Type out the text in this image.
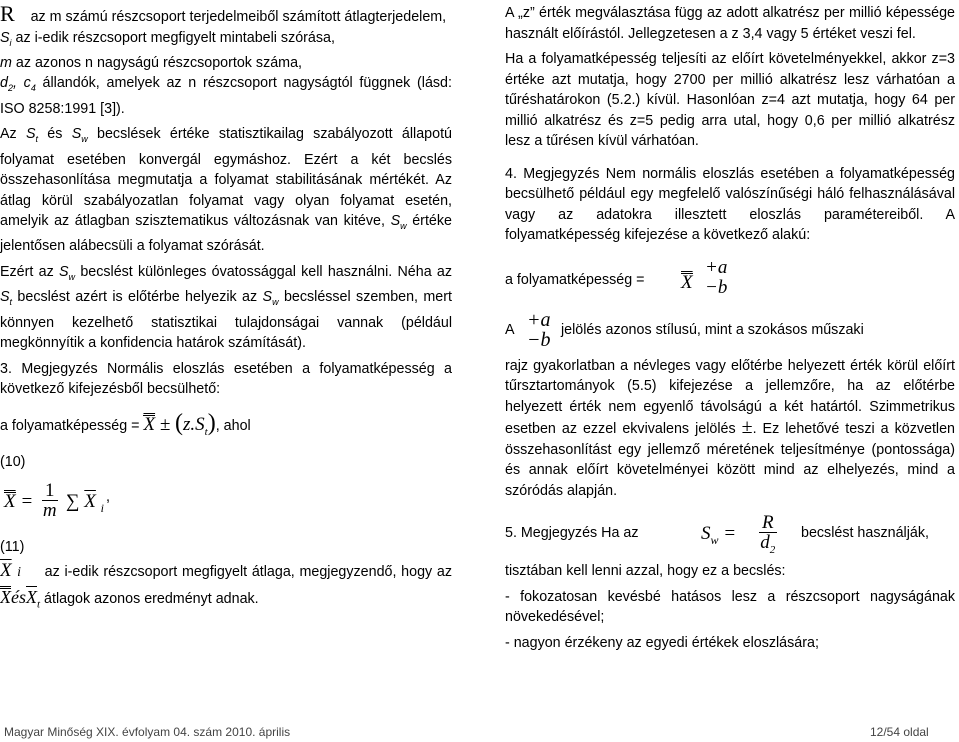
R az m számú részcsoport terjedelmeiből számított átlagterjedelem,

$S_i$ az i-edik részcsoport megfigyelt mintabeli szórása,

m az azonos n nagyságú részcsoportok száma,

$d_2$, $c_4$ állandók, amelyek az n részcsoport nagyságtól függnek (lásd: ISO 8258:1991 [3]).

Az $S_t$ és $S_w$ becslések értéke statisztikailag szabályozott állapotú folyamat esetében konvergál egymáshoz. Ezért a két becslés összehasonlítása megmutatja a folyamat stabilitásának mértékét. Az átlag körül szabályozatlan folyamat vagy olyan folyamat esetén, amelyik az átlagban szisztematikus változásnak van kitéve, $S_w$ értéke jelentősen alábecsüli a folyamat szórását.

Ezért az $S_w$ becslést különleges óvatossággal kell használni. Néha az $S_t$ becslést azért is előtérbe helyezik az $S_w$ becsléssel szemben, mert könnyen kezelhető statisztikai tulajdonságai vannak (például megkönnyítik a konfidencia határok számítását).

3. Megjegyzés Normális eloszlás esetében a folyamatképesség a következő kifejezésből becsülhető:

a folyamatképesség = $\overline{X} \pm (z.S_t)$, ahol

(10)

$\overline{X} = \frac{1}{m}$ ∑ $\overline{X}$ $_i$
,

(11)

$\overline{X}$ i az i-edik részcsoport megfigyelt átlaga, megjegyzendő, hogy az $\overline{X}és\overline{X}_t$ átlagok azonos eredményt adnak.

A „z” érték megválasztása függ az adott alkatrész per millió képessége használt előírástól. Jellegzetesen a z 3,4 vagy 5 értéket veszi fel.

Ha a folyamatképesség teljesíti az előírt követelményekkel, akkor z=3 értéke azt mutatja, hogy 2700 per millió alkatrész lesz várhatóan a tűréshatárokon (5.2.) kívül. Hasonlóan z=4 azt mutatja, hogy 64 per millió alkatrész és z=5 pedig arra utal, hogy 0,6 per millió alkatrész lesz a tűrésen kívül várhatóan.

4. Megjegyzés Nem normális eloszlás esetében a folyamatképesség becsülhető például egy megfelelő valószínűségi háló felhasználásával vagy az adatokra illesztett eloszlás paramétereiből. A folyamatképesség kifejezése a következő alakú:

a folyamatképesség = $\overline{X}$
+a
−b
A +a
−b jelölés azonos stílusú, mint a szokásos műszaki

rajz gyakorlatban a névleges vagy előtérbe helyezett érték körül előírt tűrsztartományok (5.5) kifejezése a jellemzőre, ha az előtérbe helyezett érték nem egyenlő távolságú a két határtól. Szimmetrikus esetben az ezzel ekvivalens jelölés ±. Ez lehetővé teszi a közvetlen összehasonlítást egy jellemző méretének teljesítménye (pontossága) és annak előírt követelményei között mind az elhelyezés, mind a szóródás alapján.

5. Megjegyzés Ha az	$S_w = \frac{R}{d_2}$ becslést használják,

tisztában kell lenni azzal, hogy ez a becslés:

- fokozatosan kevésbé hatásos lesz a részcsoport nagyságának növekedésével;

- nagyon érzékeny az egyedi értékek eloszlására;

Magyar Minőség XIX. évfolyam 04. szám 2010. április	12/54 oldal
